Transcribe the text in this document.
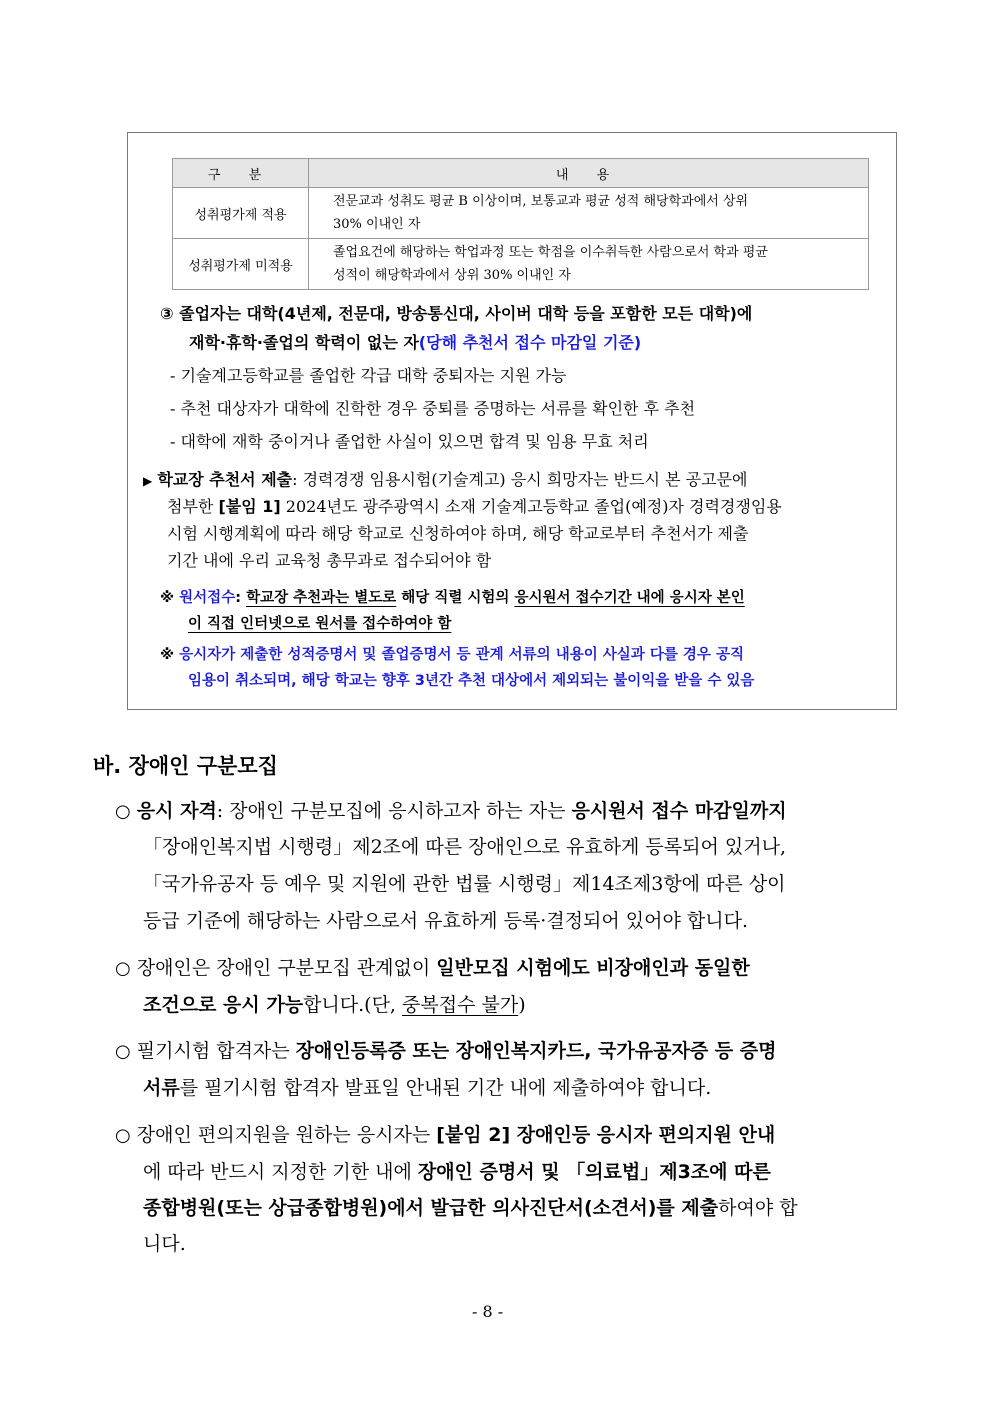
구 분	내 용
성취평가제 적용	전문교과 성취도 평균 B 이상이며, 보통교과 평균 성적 해당학과에서 상위
30% 이내인 자

성취평가제 미적용	졸업요건에 해당하는 학업과정 또는 학점을 이수취득한 사람으로서 학과 평균
성적이 해당학과에서 상위 30% 이내인 자
③ 졸업자는 대학(4년제, 전문대, 방송통신대, 사이버 대학 등을 포함한 모든 대학)에
재학·휴학·졸업의 학력이 없는 자(당해 추천서 접수 마감일 기준)
- 기술계고등학교를 졸업한 각급 대학 중퇴자는 지원 가능
- 추천 대상자가 대학에 진학한 경우 중퇴를 증명하는 서류를 확인한 후 추천
- 대학에 재학 중이거나 졸업한 사실이 있으면 합격 및 임용 무효 처리
▶ 학교장 추천서 제출: 경력경쟁 임용시험(기술계고) 응시 희망자는 반드시 본 공고문에
첨부한 [붙임 1] 2024년도 광주광역시 소재 기술계고등학교 졸업(예정)자 경력경쟁임용
시험 시행계획에 따라 해당 학교로 신청하여야 하며, 해당 학교로부터 추천서가 제출
기간 내에 우리 교육청 총무과로 접수되어야 함
※ 원서접수: 학교장 추천과는 별도로 해당 직렬 시험의 응시원서 접수기간 내에 응시자 본인
이 직접 인터넷으로 원서를 접수하여야 함
※ 응시자가 제출한 성적증명서 및 졸업증명서 등 관계 서류의 내용이 사실과 다를 경우 공직
임용이 취소되며, 해당 학교는 향후 3년간 추천 대상에서 제외되는 불이익을 받을 수 있음
바. 장애인 구분모집
○ 응시 자격: 장애인 구분모집에 응시하고자 하는 자는 응시원서 접수 마감일까지
「장애인복지법 시행령」제2조에 따른 장애인으로 유효하게 등록되어 있거나,
「국가유공자 등 예우 및 지원에 관한 법률 시행령」제14조제3항에 따른 상이
등급 기준에 해당하는 사람으로서 유효하게 등록·결정되어 있어야 합니다.
○ 장애인은 장애인 구분모집 관계없이 일반모집 시험에도 비장애인과 동일한
조건으로 응시 가능합니다.(단, 중복접수 불가)
○ 필기시험 합격자는 장애인등록증 또는 장애인복지카드, 국가유공자증 등 증명
서류를 필기시험 합격자 발표일 안내된 기간 내에 제출하여야 합니다.
○ 장애인 편의지원을 원하는 응시자는 [붙임 2] 장애인등 응시자 편의지원 안내
에 따라 반드시 지정한 기한 내에 장애인 증명서 및 「의료법」제3조에 따른
종합병원(또는 상급종합병원)에서 발급한 의사진단서(소견서)를 제출하여야 합
니다.
- 8 -
